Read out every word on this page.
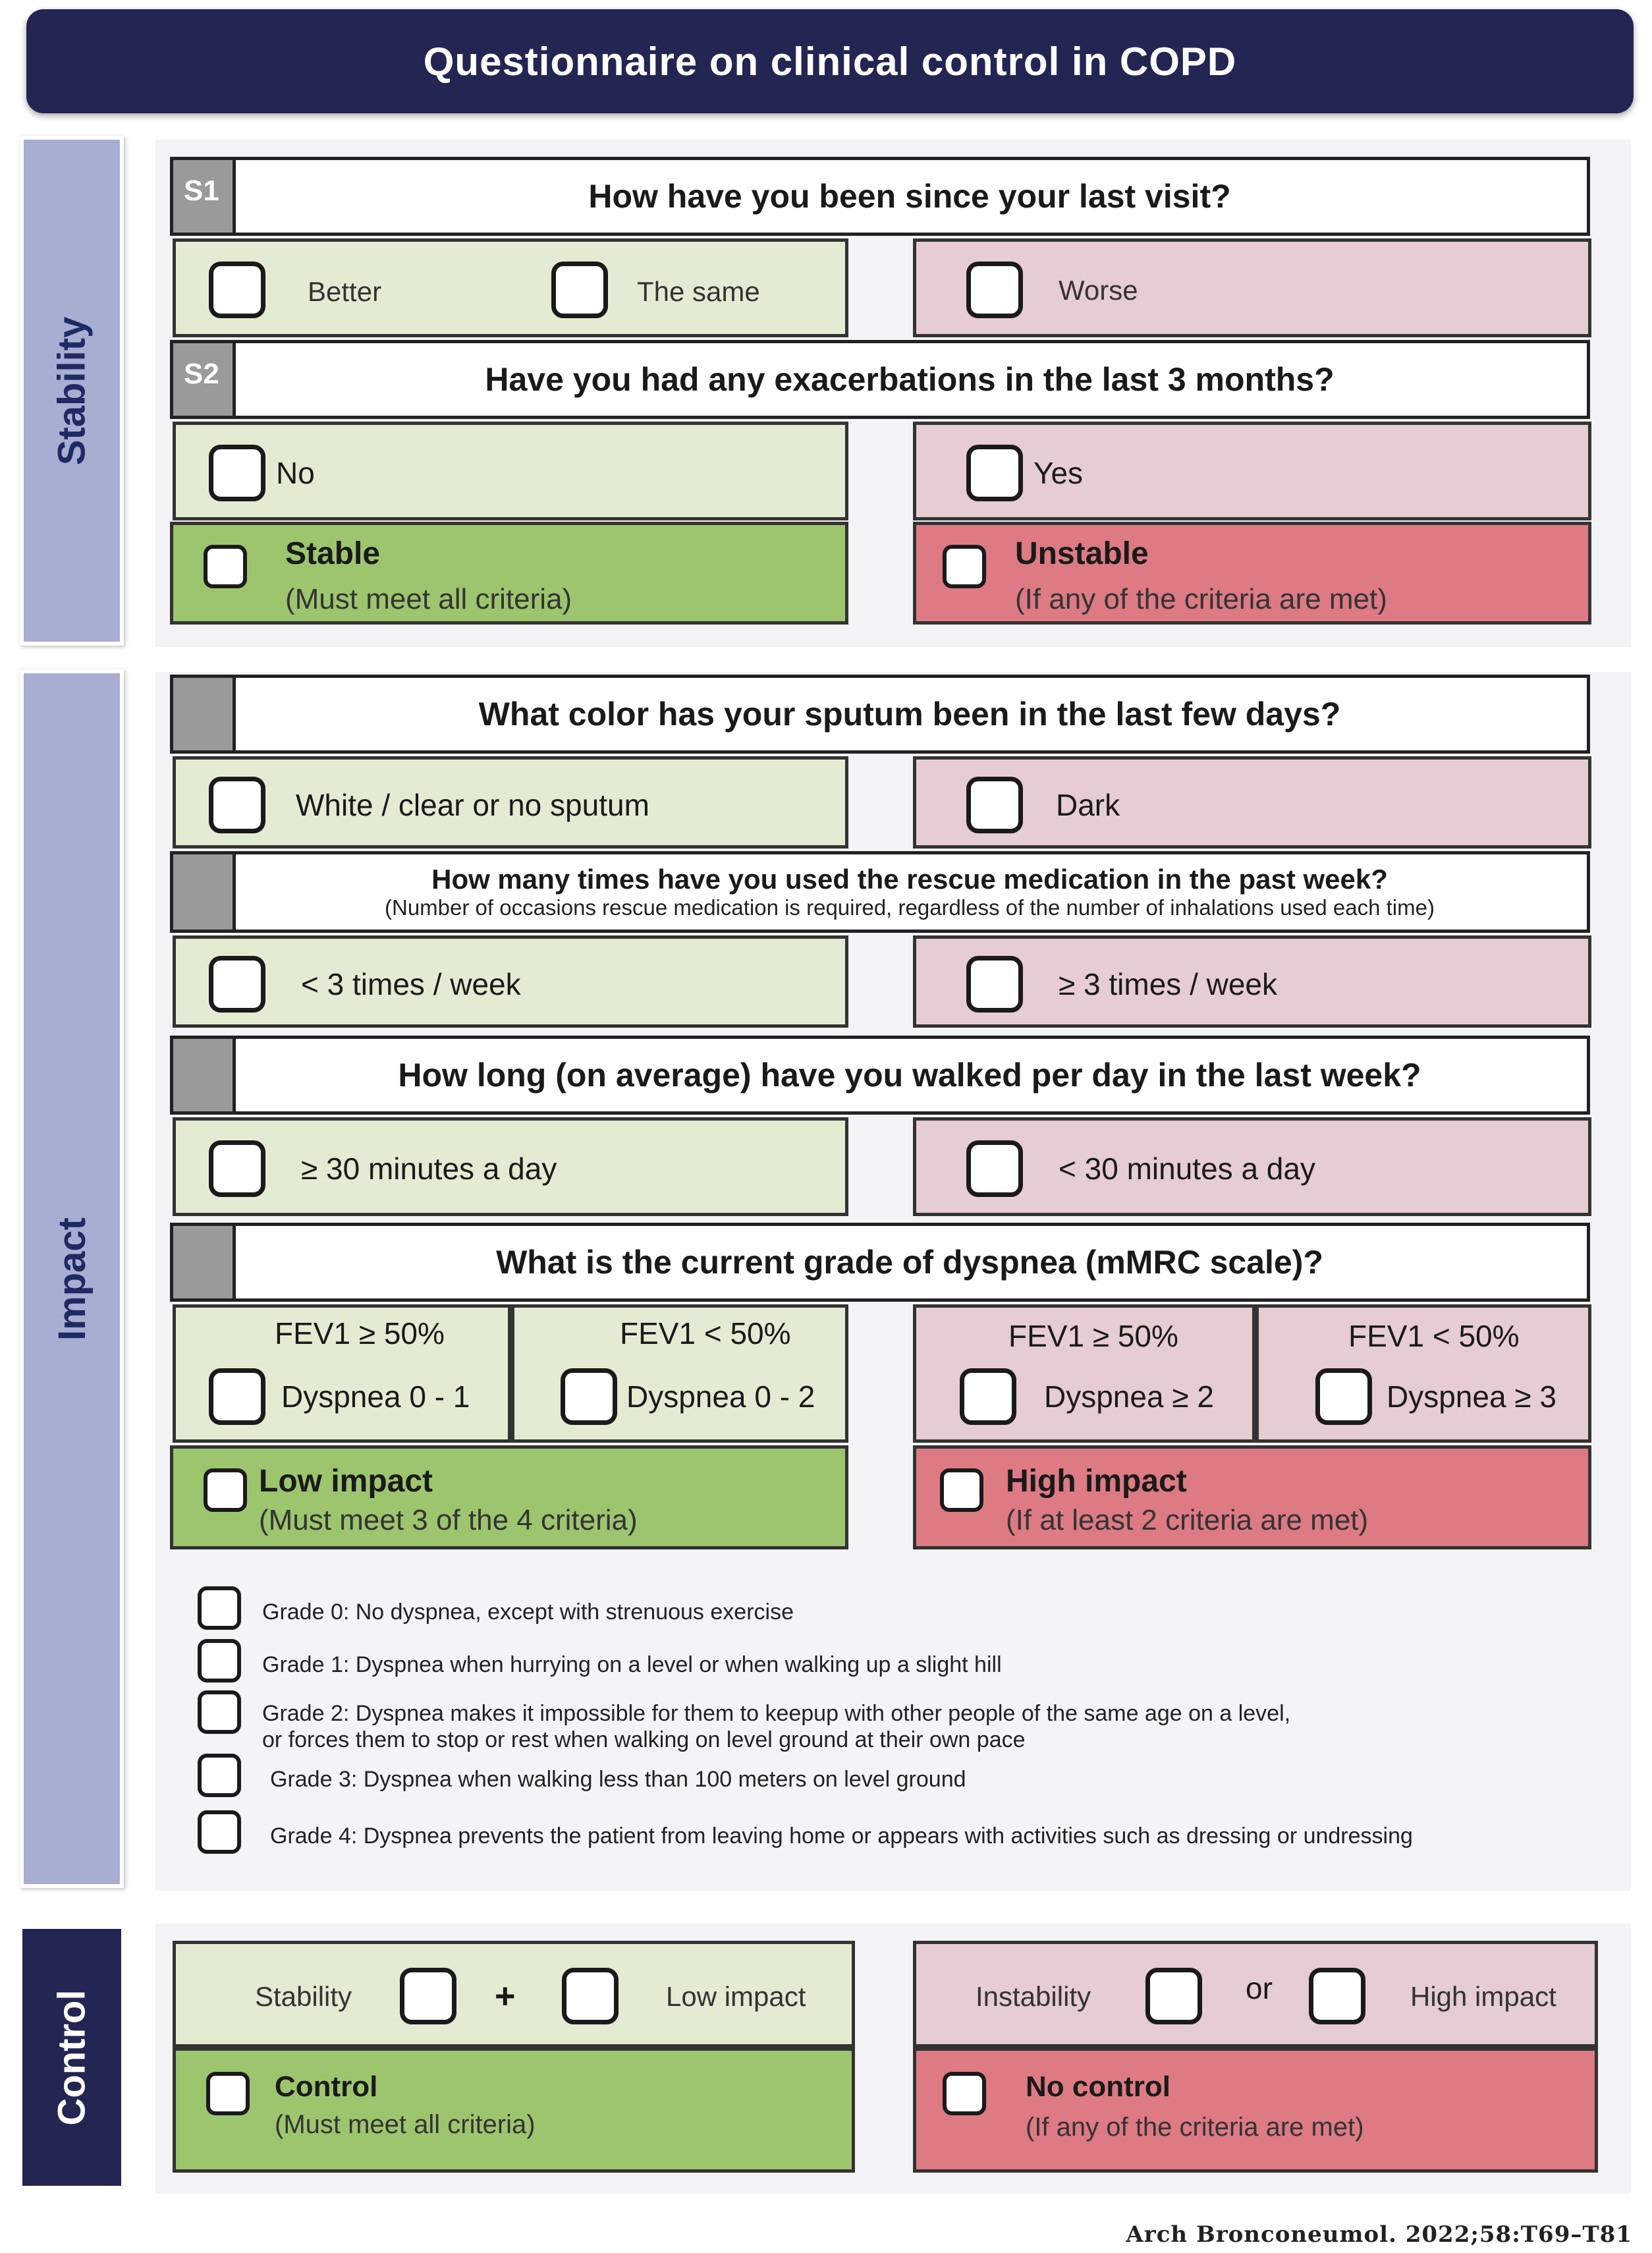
Questionnaire on clinical control in COPD
Stability
S1	How have you been since your last visit?
Better	The same	Worse
S2	Have you had any exacerbations in the last 3 months?
No	Yes
Stable
(Must meet all criteria)
Unstable
(If any of the criteria are met)
Impact
What color has your sputum been in the last few days?
White / clear or no sputum	Dark
How many times have you used the rescue medication in the past week?
(Number of occasions rescue medication is required, regardless of the number of inhalations used each time)
< 3 times / week	≥ 3 times / week
How long (on average) have you walked per day in the last week?
≥ 30 minutes a day	< 30 minutes a day
What is the current grade of dyspnea (mMRC scale)?
FEV1 ≥ 50%
Dyspnea 0 - 1
FEV1 < 50%
Dyspnea 0 - 2
FEV1 ≥ 50%
Dyspnea ≥ 2
FEV1 < 50%
Dyspnea ≥ 3
Low impact
(Must meet 3 of the 4 criteria)
High impact
(If at least 2 criteria are met)
Grade 0: No dyspnea, except with strenuous exercise
Grade 1: Dyspnea when hurrying on a level or when walking up a slight hill
Grade 2: Dyspnea makes it impossible for them to keepup with other people of the same age on a level,
or forces them to stop or rest when walking on level ground at their own pace
Grade 3: Dyspnea when walking less than 100 meters on level ground
Grade 4: Dyspnea prevents the patient from leaving home or appears with activities such as dressing or undressing
Control	Stability	+	Low impact	Instability	or	High impact
Control
(Must meet all criteria)
No control
(If any of the criteria are met)
Arch Bronconeumol. 2022;58:T69–T81
